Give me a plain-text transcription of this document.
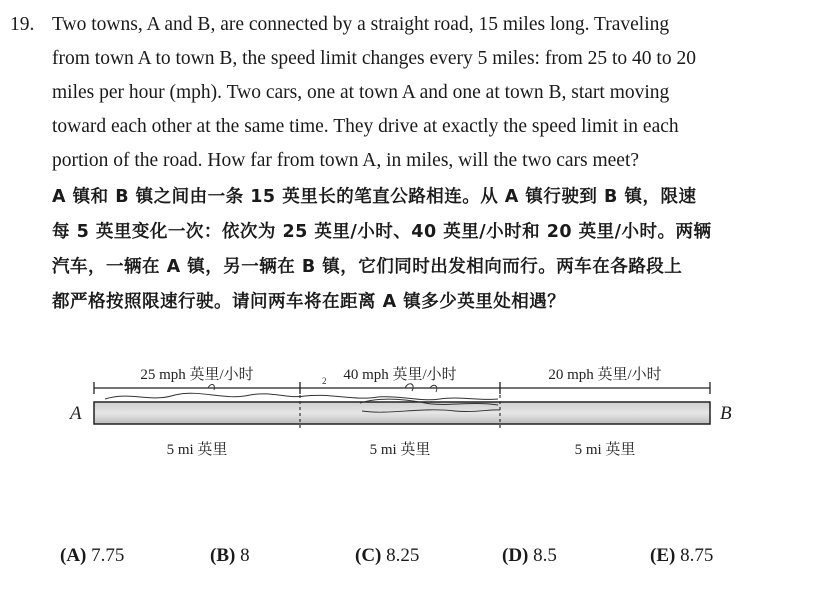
19. Two towns, A and B, are connected by a straight road, 15 miles long. Traveling
from town A to town B, the speed limit changes every 5 miles: from 25 to 40 to 20
miles per hour (mph). Two cars, one at town A and one at town B, start moving
toward each other at the same time. They drive at exactly the speed limit in each
portion of the road. How far from town A, in miles, will the two cars meet?
A 镇和 B 镇之间由一条 15 英里长的笔直公路相连。从 A 镇行驶到 B 镇，限速
每 5 英里变化一次：依次为 25 英里/小时、40 英里/小时和 20 英里/小时。两辆
汽车，一辆在 A 镇，另一辆在 B 镇，它们同时出发相向而行。两车在各路段上
都严格按照限速行驶。请问两车将在距离 A 镇多少英里处相遇？
2
A	B
25 mph 英里/小时	40 mph 英里/小时	20 mph 英里/小时
5 mi 英里	5 mi 英里	5 mi 英里
(A) 7.75	(B) 8	(C) 8.25	(D) 8.5	(E) 8.75
